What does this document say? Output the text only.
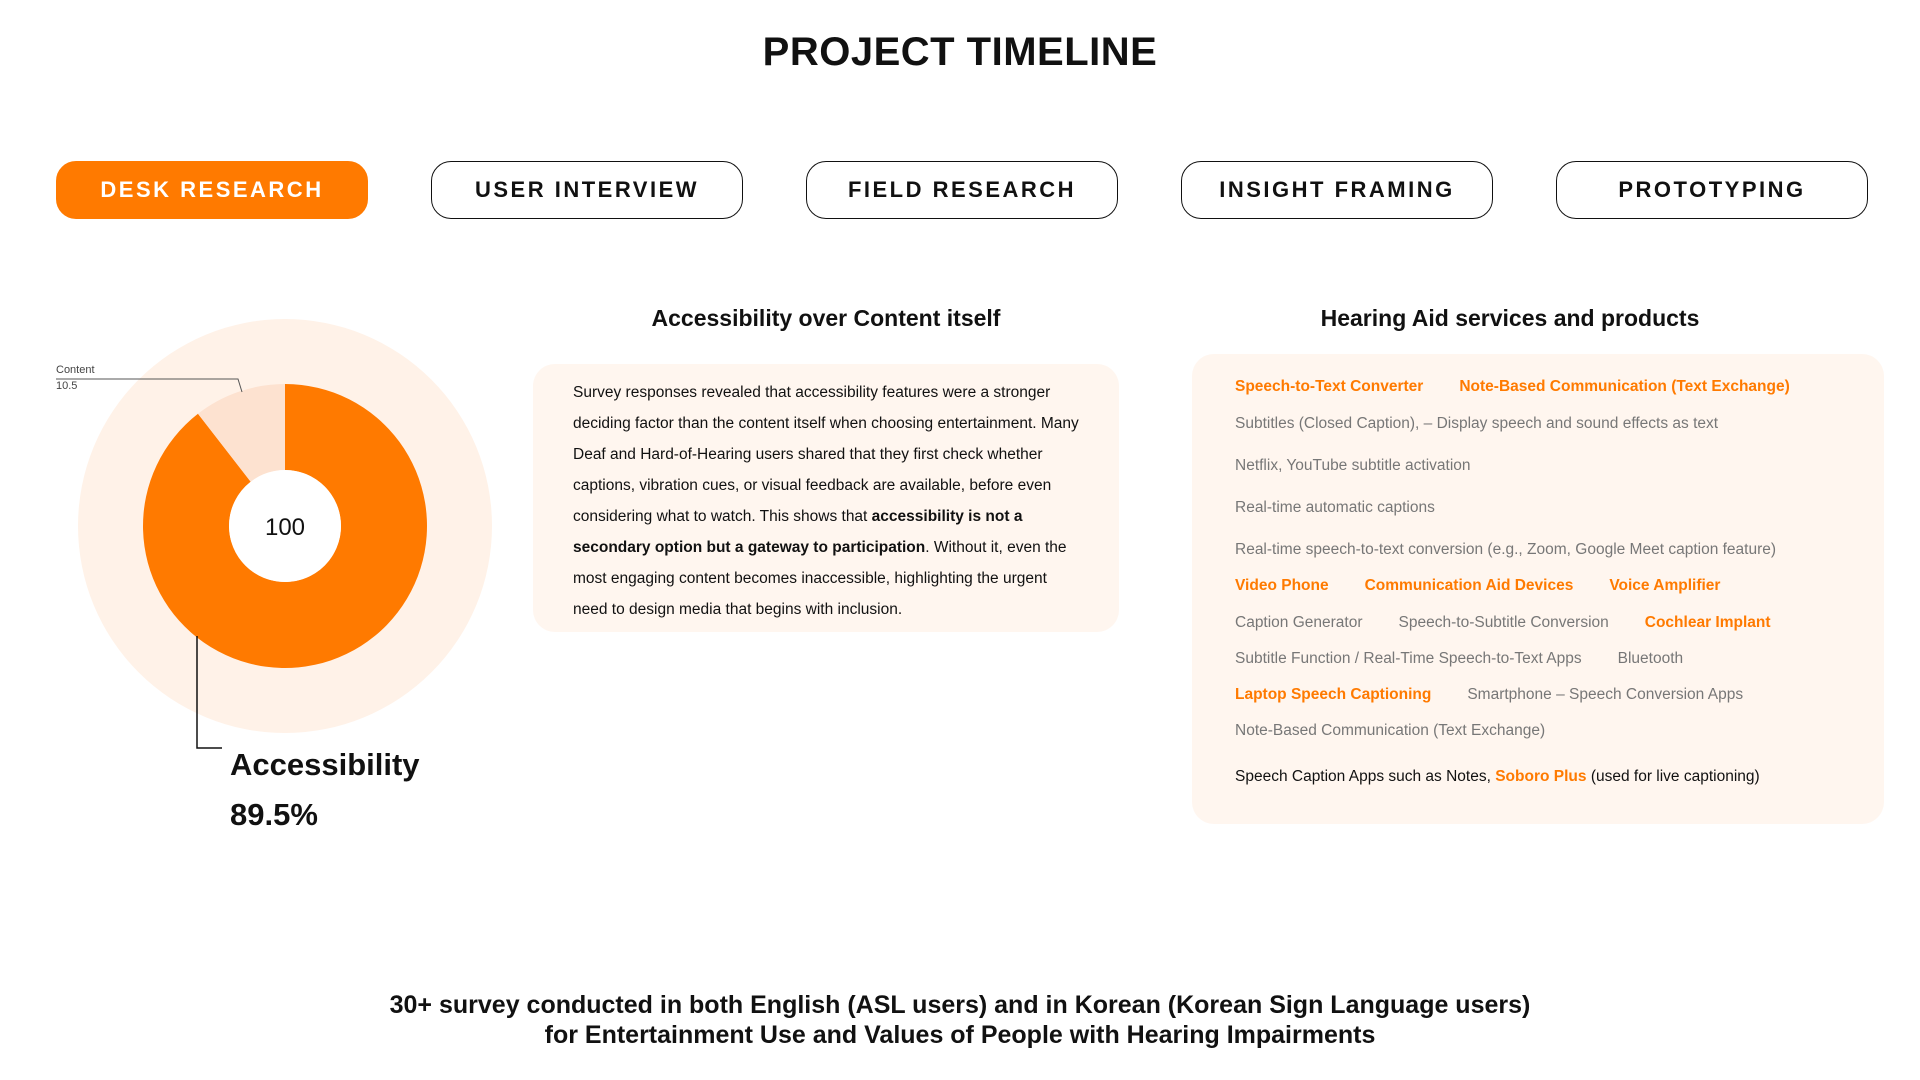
PROJECT TIMELINE
DESK RESEARCH	USER INTERVIEW	FIELD RESEARCH	INSIGHT FRAMING	PROTOTYPING
100
Content
10.5
Accessibility
89.5%
Accessibility over Content itself

Survey responses revealed that accessibility features were a stronger deciding factor than the content itself when choosing entertainment. Many Deaf and Hard-of-Hearing users shared that they first check whether captions, vibration cues, or visual feedback are available, before even considering what to watch. This shows that accessibility is not a secondary option but a gateway to participation. Without it, even the most engaging content becomes inaccessible, highlighting the urgent need to design media that begins with inclusion.

Hearing Aid services and products
Speech-to-Text Converter Note-Based Communication (Text Exchange)
Subtitles (Closed Caption), – Display speech and sound effects as text
Netflix, YouTube subtitle activation
Real-time automatic captions
Real-time speech-to-text conversion (e.g., Zoom, Google Meet caption feature)
Video Phone Communication Aid Devices Voice Amplifier
Caption Generator Speech-to-Subtitle Conversion Cochlear Implant
Subtitle Function / Real-Time Speech-to-Text Apps Bluetooth
Laptop Speech Captioning Smartphone – Speech Conversion Apps
Note-Based Communication (Text Exchange)
Speech Caption Apps such as Notes, Soboro Plus (used for live captioning)
30+ survey conducted in both English (ASL users) and in Korean (Korean Sign Language users)
for Entertainment Use and Values of People with Hearing Impairments
